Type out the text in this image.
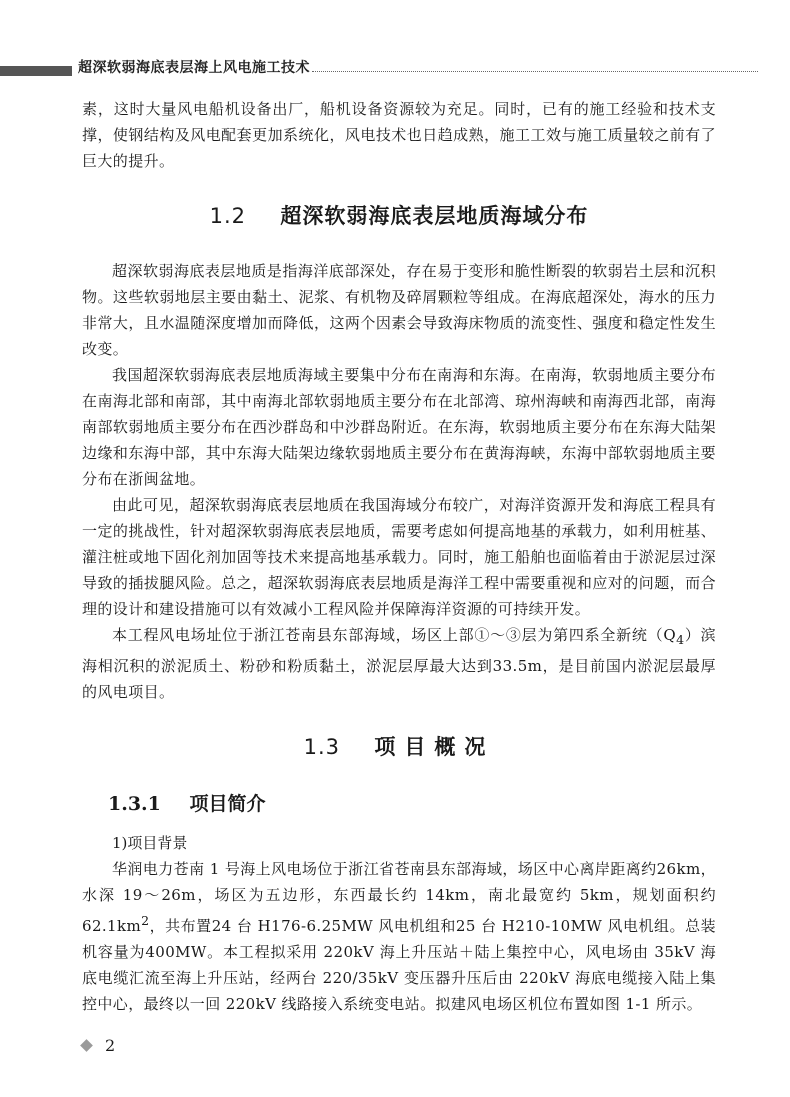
超深软弱海底表层海上风电施工技术

素，这时大量风电船机设备出厂，船机设备资源较为充足。同时，已有的施工经验和技术支撑，使钢结构及风电配套更加系统化，风电技术也日趋成熟，施工工效与施工质量较之前有了巨大的提升。

1.2 超深软弱海底表层地质海域分布

超深软弱海底表层地质是指海洋底部深处，存在易于变形和脆性断裂的软弱岩土层和沉积物。这些软弱地层主要由黏土、泥浆、有机物及碎屑颗粒等组成。在海底超深处，海水的压力非常大，且水温随深度增加而降低，这两个因素会导致海床物质的流变性、强度和稳定性发生改变。

我国超深软弱海底表层地质海域主要集中分布在南海和东海。在南海，软弱地质主要分布在南海北部和南部，其中南海北部软弱地质主要分布在北部湾、琼州海峡和南海西北部，南海南部软弱地质主要分布在西沙群岛和中沙群岛附近。在东海，软弱地质主要分布在东海大陆架边缘和东海中部，其中东海大陆架边缘软弱地质主要分布在黄海海峡，东海中部软弱地质主要分布在浙闽盆地。

由此可见，超深软弱海底表层地质在我国海域分布较广，对海洋资源开发和海底工程具有一定的挑战性，针对超深软弱海底表层地质，需要考虑如何提高地基的承载力，如利用桩基、灌注桩或地下固化剂加固等技术来提高地基承载力。同时，施工船舶也面临着由于淤泥层过深导致的插拔腿风险。总之，超深软弱海底表层地质是海洋工程中需要重视和应对的问题，而合理的设计和建设措施可以有效减小工程风险并保障海洋资源的可持续开发。

本工程风电场址位于浙江苍南县东部海域，场区上部①～③层为第四系全新统$(Q_4)$滨海相沉积的淤泥质土、粉砂和粉质黏土，淤泥层厚最大达到33.5m，是目前国内淤泥层最厚的风电项目。

1.3 项目概况
1.3.1 项目简介

1)项目背景

华润电力苍南 1 号海上风电场位于浙江省苍南县东部海域，场区中心离岸距离约26km，水深 19～26m，场区为五边形，东西最长约 14km，南北最宽约 5km，规划面积约$62.1km^2$，共布置24 台 H176-6.25MW 风电机组和25 台 H210-10MW 风电机组。总装机容量为400MW。本工程拟采用 220kV 海上升压站＋陆上集控中心，风电场由 35kV 海底电缆汇流至海上升压站，经两台 220/35kV 变压器升压后由 220kV 海底电缆接入陆上集控中心，最终以一回 220kV 线路接入系统变电站。拟建风电场区机位布置如图 1-1 所示。

2
